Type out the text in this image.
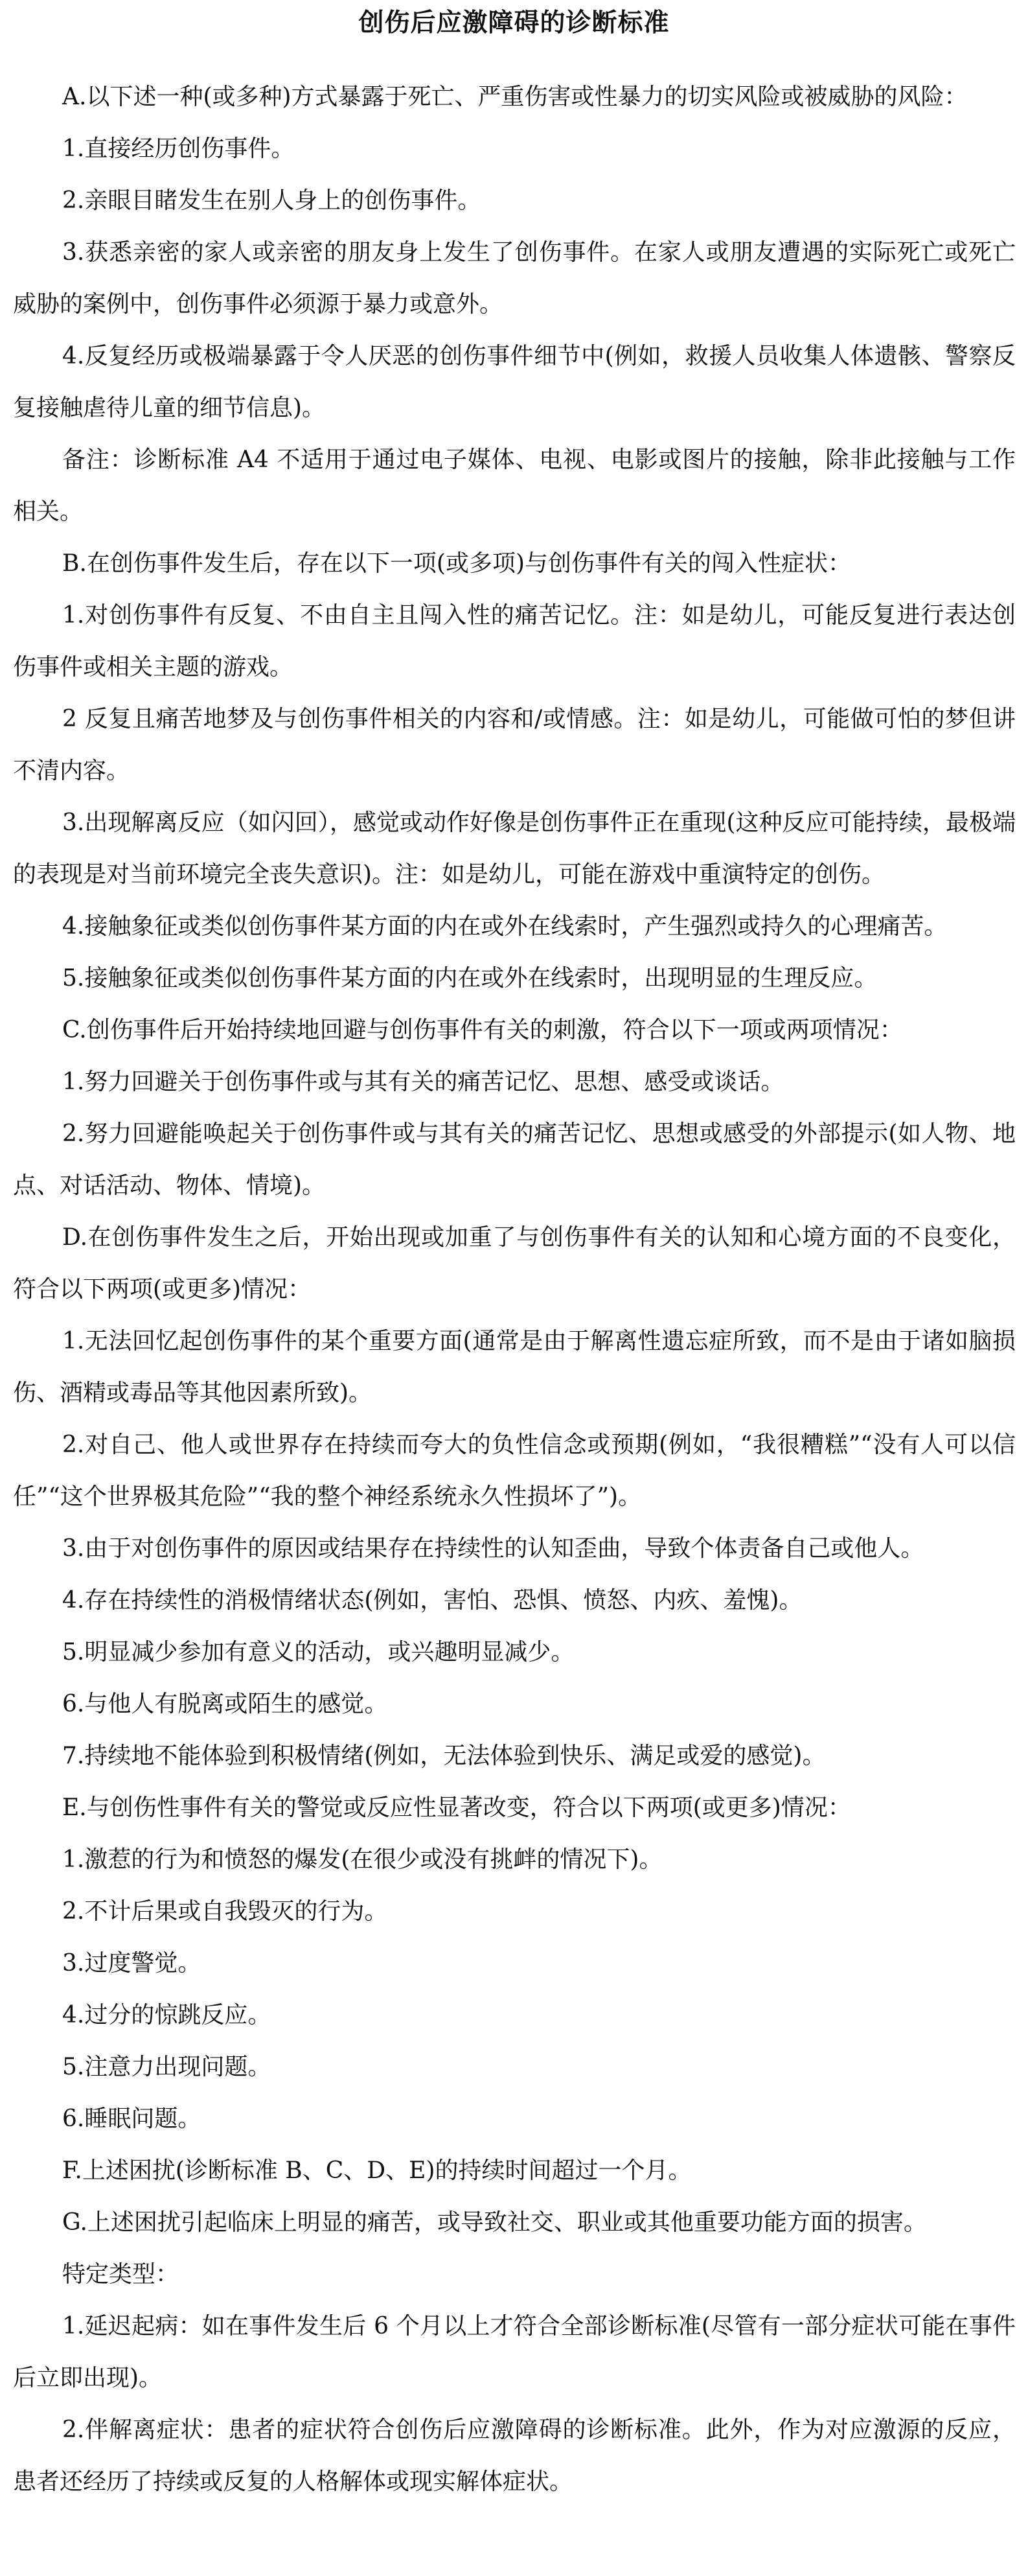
创伤后应激障碍的诊断标准

A.以下述一种(或多种)方式暴露于死亡、严重伤害或性暴力的切实风险或被威胁的风险：

1.直接经历创伤事件。

2.亲眼目睹发生在别人身上的创伤事件。

3.获悉亲密的家人或亲密的朋友身上发生了创伤事件。在家人或朋友遭遇的实际死亡或死亡威胁的案例中，创伤事件必须源于暴力或意外。

4.反复经历或极端暴露于令人厌恶的创伤事件细节中(例如，救援人员收集人体遗骸、警察反复接触虐待儿童的细节信息)。

备注：诊断标准 A4 不适用于通过电子媒体、电视、电影或图片的接触，除非此接触与工作相关。

B.在创伤事件发生后，存在以下一项(或多项)与创伤事件有关的闯入性症状：

1.对创伤事件有反复、不由自主且闯入性的痛苦记忆。注：如是幼儿，可能反复进行表达创伤事件或相关主题的游戏。

2 反复且痛苦地梦及与创伤事件相关的内容和/或情感。注：如是幼儿，可能做可怕的梦但讲不清内容。

3.出现解离反应（如闪回），感觉或动作好像是创伤事件正在重现(这种反应可能持续，最极端的表现是对当前环境完全丧失意识)。注：如是幼儿，可能在游戏中重演特定的创伤。

4.接触象征或类似创伤事件某方面的内在或外在线索时，产生强烈或持久的心理痛苦。

5.接触象征或类似创伤事件某方面的内在或外在线索时，出现明显的生理反应。

C.创伤事件后开始持续地回避与创伤事件有关的刺激，符合以下一项或两项情况：

1.努力回避关于创伤事件或与其有关的痛苦记忆、思想、感受或谈话。

2.努力回避能唤起关于创伤事件或与其有关的痛苦记忆、思想或感受的外部提示(如人物、地点、对话活动、物体、情境)。

D.在创伤事件发生之后，开始出现或加重了与创伤事件有关的认知和心境方面的不良变化，符合以下两项(或更多)情况：

1.无法回忆起创伤事件的某个重要方面(通常是由于解离性遗忘症所致，而不是由于诸如脑损伤、酒精或毒品等其他因素所致)。

2.对自己、他人或世界存在持续而夸大的负性信念或预期(例如，“我很糟糕”“没有人可以信任”“这个世界极其危险”“我的整个神经系统永久性损坏了”)。

3.由于对创伤事件的原因或结果存在持续性的认知歪曲，导致个体责备自己或他人。

4.存在持续性的消极情绪状态(例如，害怕、恐惧、愤怒、内疚、羞愧)。

5.明显减少参加有意义的活动，或兴趣明显减少。

6.与他人有脱离或陌生的感觉。

7.持续地不能体验到积极情绪(例如，无法体验到快乐、满足或爱的感觉)。

E.与创伤性事件有关的警觉或反应性显著改变，符合以下两项(或更多)情况：

1.激惹的行为和愤怒的爆发(在很少或没有挑衅的情况下)。

2.不计后果或自我毁灭的行为。

3.过度警觉。

4.过分的惊跳反应。

5.注意力出现问题。

6.睡眠问题。

F.上述困扰(诊断标准 B、C、D、E)的持续时间超过一个月。

G.上述困扰引起临床上明显的痛苦，或导致社交、职业或其他重要功能方面的损害。

特定类型：

1.延迟起病：如在事件发生后 6 个月以上才符合全部诊断标准(尽管有一部分症状可能在事件后立即出现)。

2.伴解离症状：患者的症状符合创伤后应激障碍的诊断标准。此外，作为对应激源的反应，患者还经历了持续或反复的人格解体或现实解体症状。
